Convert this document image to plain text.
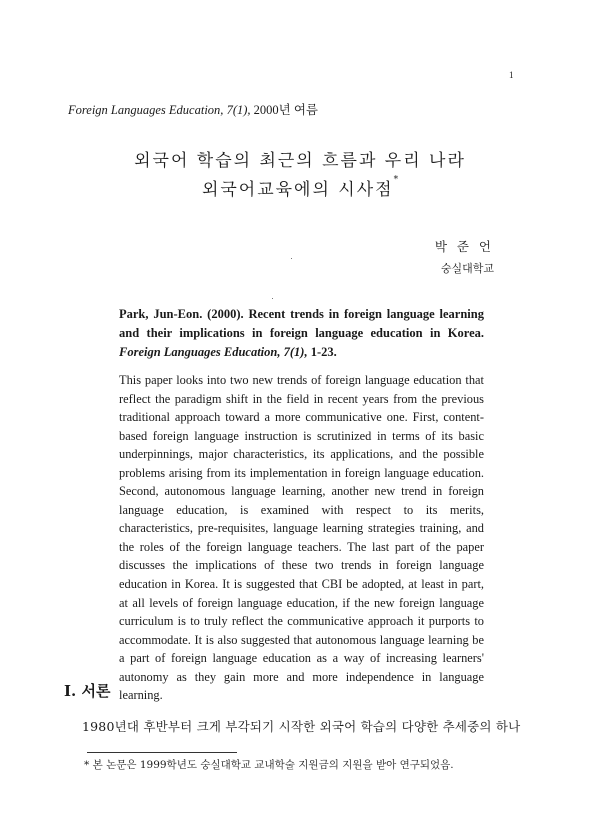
1
Foreign Languages Education, 7(1), 2000년 여름
외국어 학습의 최근의 흐름과 우리 나라
외국어교육에의 시사점*
박 준 언
숭실대학교
Park, Jun-Eon. (2000). Recent trends in foreign language learning and their implications in foreign language education in Korea. Foreign Languages Education, 7(1), 1-23.
This paper looks into two new trends of foreign language education that reflect the paradigm shift in the field in recent years from the previous traditional approach toward a more communicative one. First, content-based foreign language instruction is scrutinized in terms of its basic underpinnings, major characteristics, its applications, and the possible problems arising from its implementation in foreign language education. Second, autonomous language learning, another new trend in foreign language education, is examined with respect to its merits, characteristics, pre-requisites, language learning strategies training, and the roles of the foreign language teachers. The last part of the paper discusses the implications of these two trends in foreign language education in Korea. It is suggested that CBI be adopted, at least in part, at all levels of foreign language education, if the new foreign language curriculum is to truly reflect the communicative approach it purports to accommodate. It is also suggested that autonomous language learning be a part of foreign language education as a way of increasing learners' autonomy as they gain more and more independence in language learning.
I. 서론
1980년대 후반부터 크게 부각되기 시작한 외국어 학습의 다양한 추세중의 하나
* 본 논문은 1999학년도 숭실대학교 교내학술 지원금의 지원을 받아 연구되었음.
